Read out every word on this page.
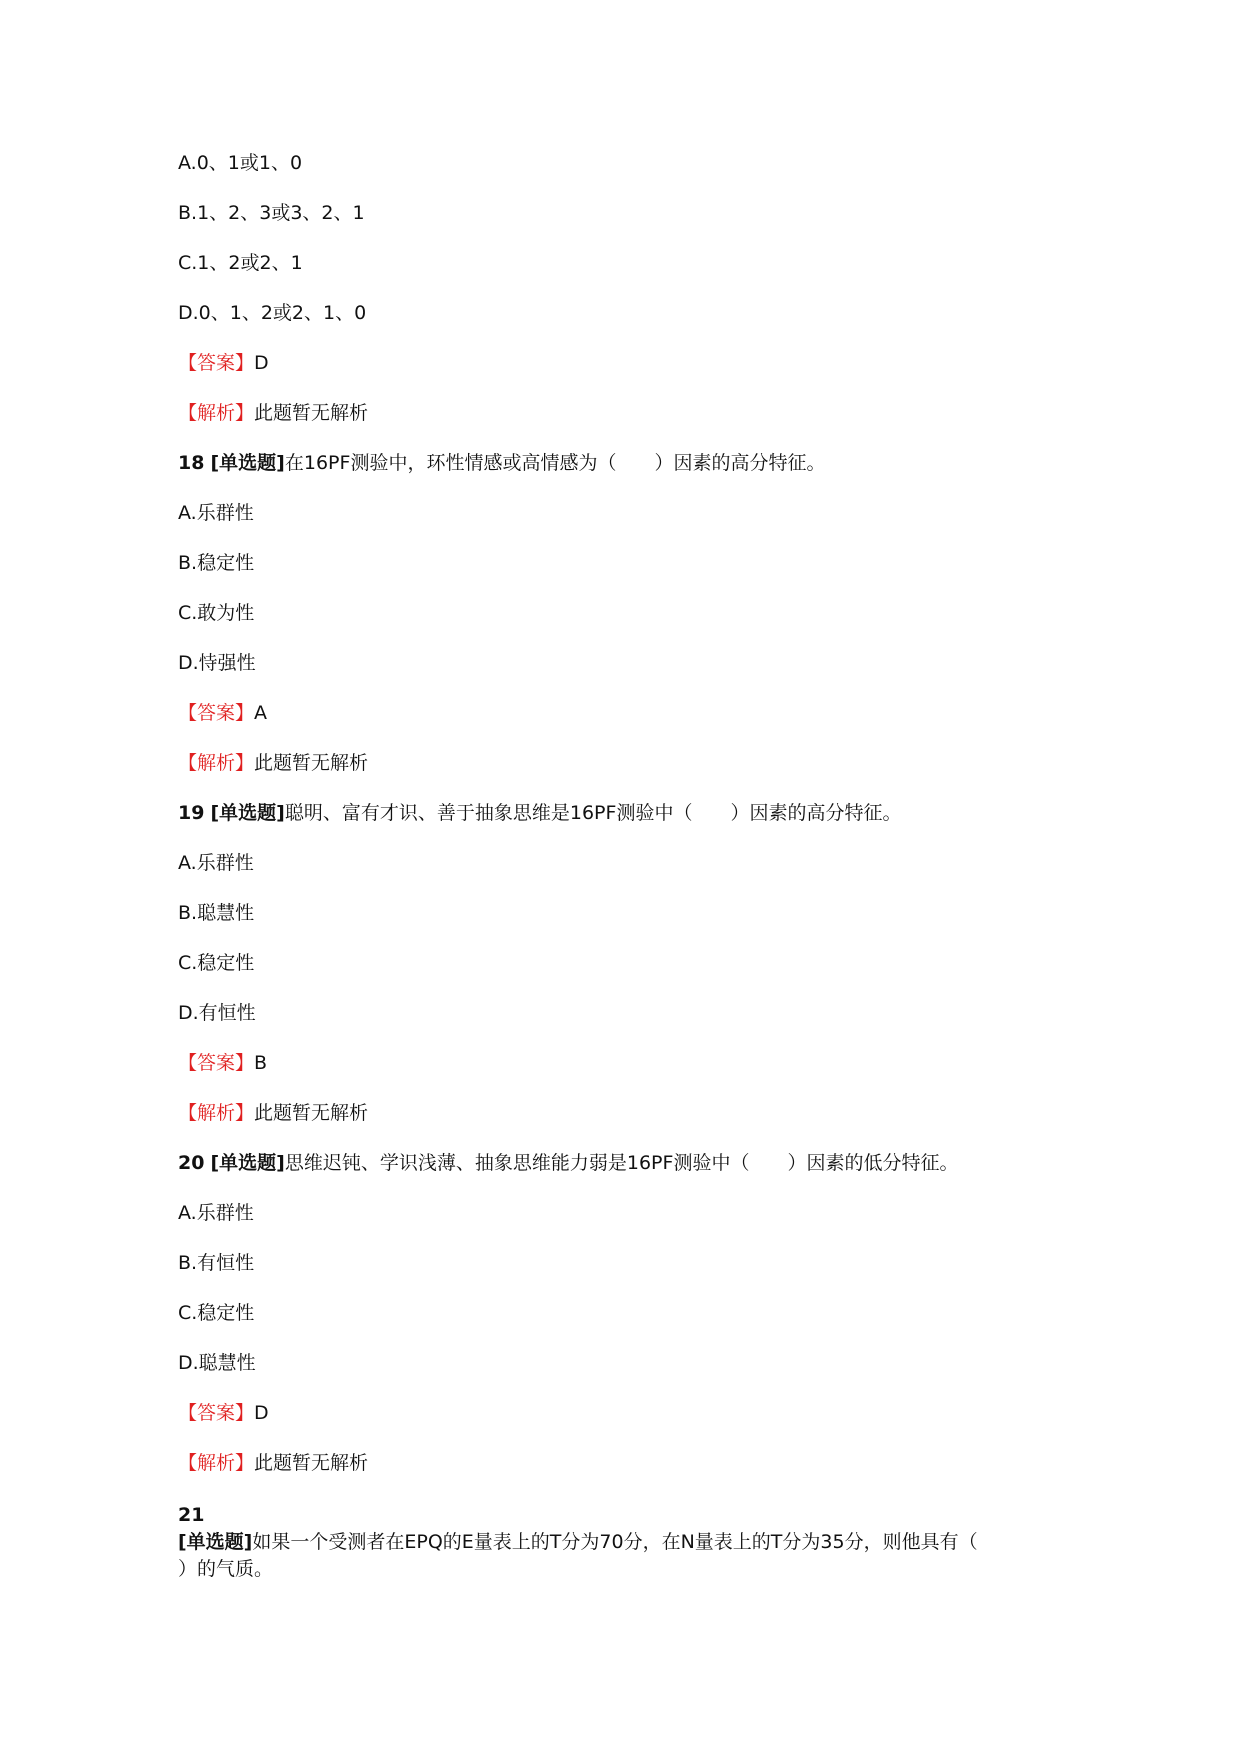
A.0、1或1、0
B.1、2、3或3、2、1
C.1、2或2、1
D.0、1、2或2、1、0
【答案】D
【解析】此题暂无解析
18 [单选题]在16PF测验中，环性情感或高情感为（　　）因素的高分特征。
A.乐群性
B.稳定性
C.敢为性
D.恃强性
【答案】A
【解析】此题暂无解析
19 [单选题]聪明、富有才识、善于抽象思维是16PF测验中（　　）因素的高分特征。
A.乐群性
B.聪慧性
C.稳定性
D.有恒性
【答案】B
【解析】此题暂无解析
20 [单选题]思维迟钝、学识浅薄、抽象思维能力弱是16PF测验中（　　）因素的低分特征。
A.乐群性
B.有恒性
C.稳定性
D.聪慧性
【答案】D
【解析】此题暂无解析
21
[单选题]如果一个受测者在EPQ的E量表上的T分为70分，在N量表上的T分为35分，则他具有（
）的气质。
